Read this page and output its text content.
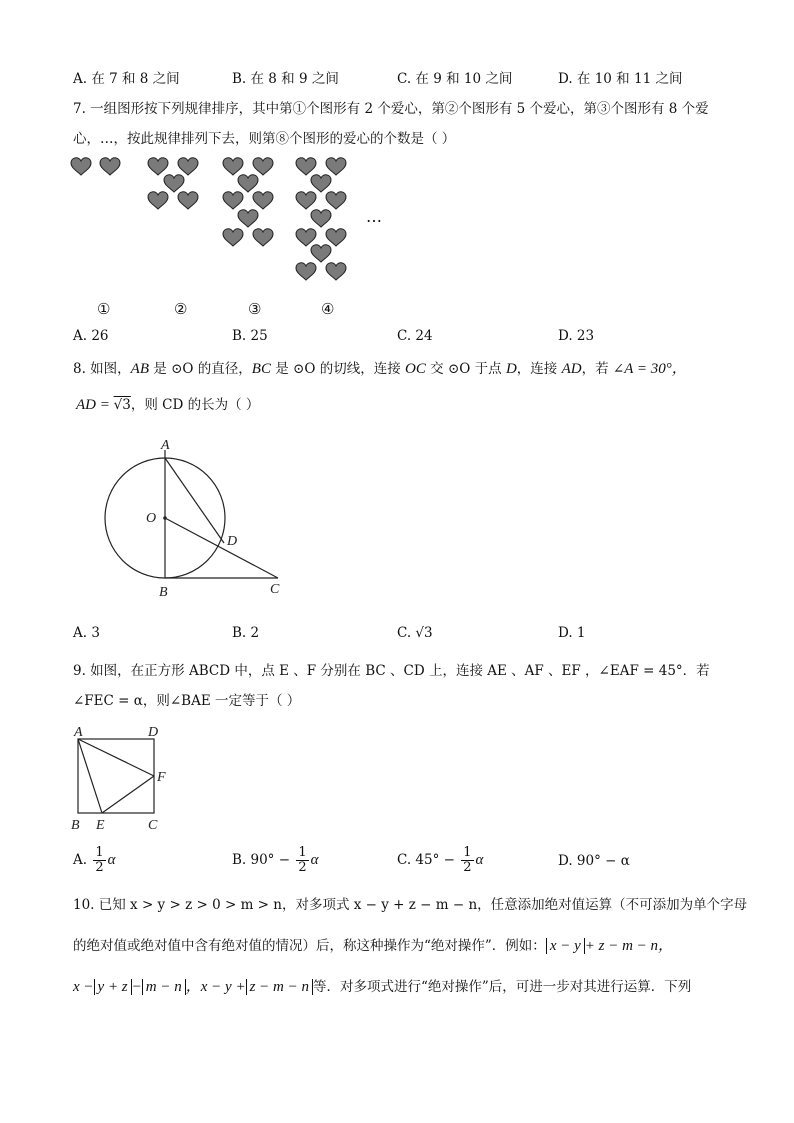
A. 在 7 和 8 之间	B. 在 8 和 9 之间	C. 在 9 和 10 之间	D. 在 10 和 11 之间
7. 一组图形按下列规律排序，其中第①个图形有 2 个爱心，第②个图形有 5 个爱心，第③个图形有 8 个爱
心，…，按此规律排列下去，则第⑧个图形的爱心的个数是（ ）
…
①	②	③	④
A. 26	B. 25	C. 24	D. 23
8. 如图，AB 是 ⊙O 的直径，BC 是 ⊙O 的切线，连接 OC 交 ⊙O 于点 D，连接 AD，若 ∠A = 30°，
AD = √3，则 CD 的长为（ ）
A
O
D
B	C
A. 3	B. 2	C. √3	D. 1
9. 如图，在正方形 ABCD 中，点 E 、F 分别在 BC 、CD 上，连接 AE 、AF 、EF ，∠EAF = 45°．若
∠FEC = α，则∠BAE 一定等于（ ）
A	D
F
B E	C
A. $\frac{1}{2}$ α	B. $90^\circ - \frac{1}{2}$ α	C. $45^\circ - \frac{1}{2}$ α	D. 90° − α
10. 已知 x > y > z > 0 > m > n，对多项式 x − y + z − m − n，任意添加绝对值运算（不可添加为单个字母
的绝对值或绝对值中含有绝对值的情况）后，称这种操作为“绝对操作”．例如： x − y + z − m − n，
x − y + z − m − n ，x − y + z − m − n 等．对多项式进行“绝对操作”后，可进一步对其进行运算．下列
